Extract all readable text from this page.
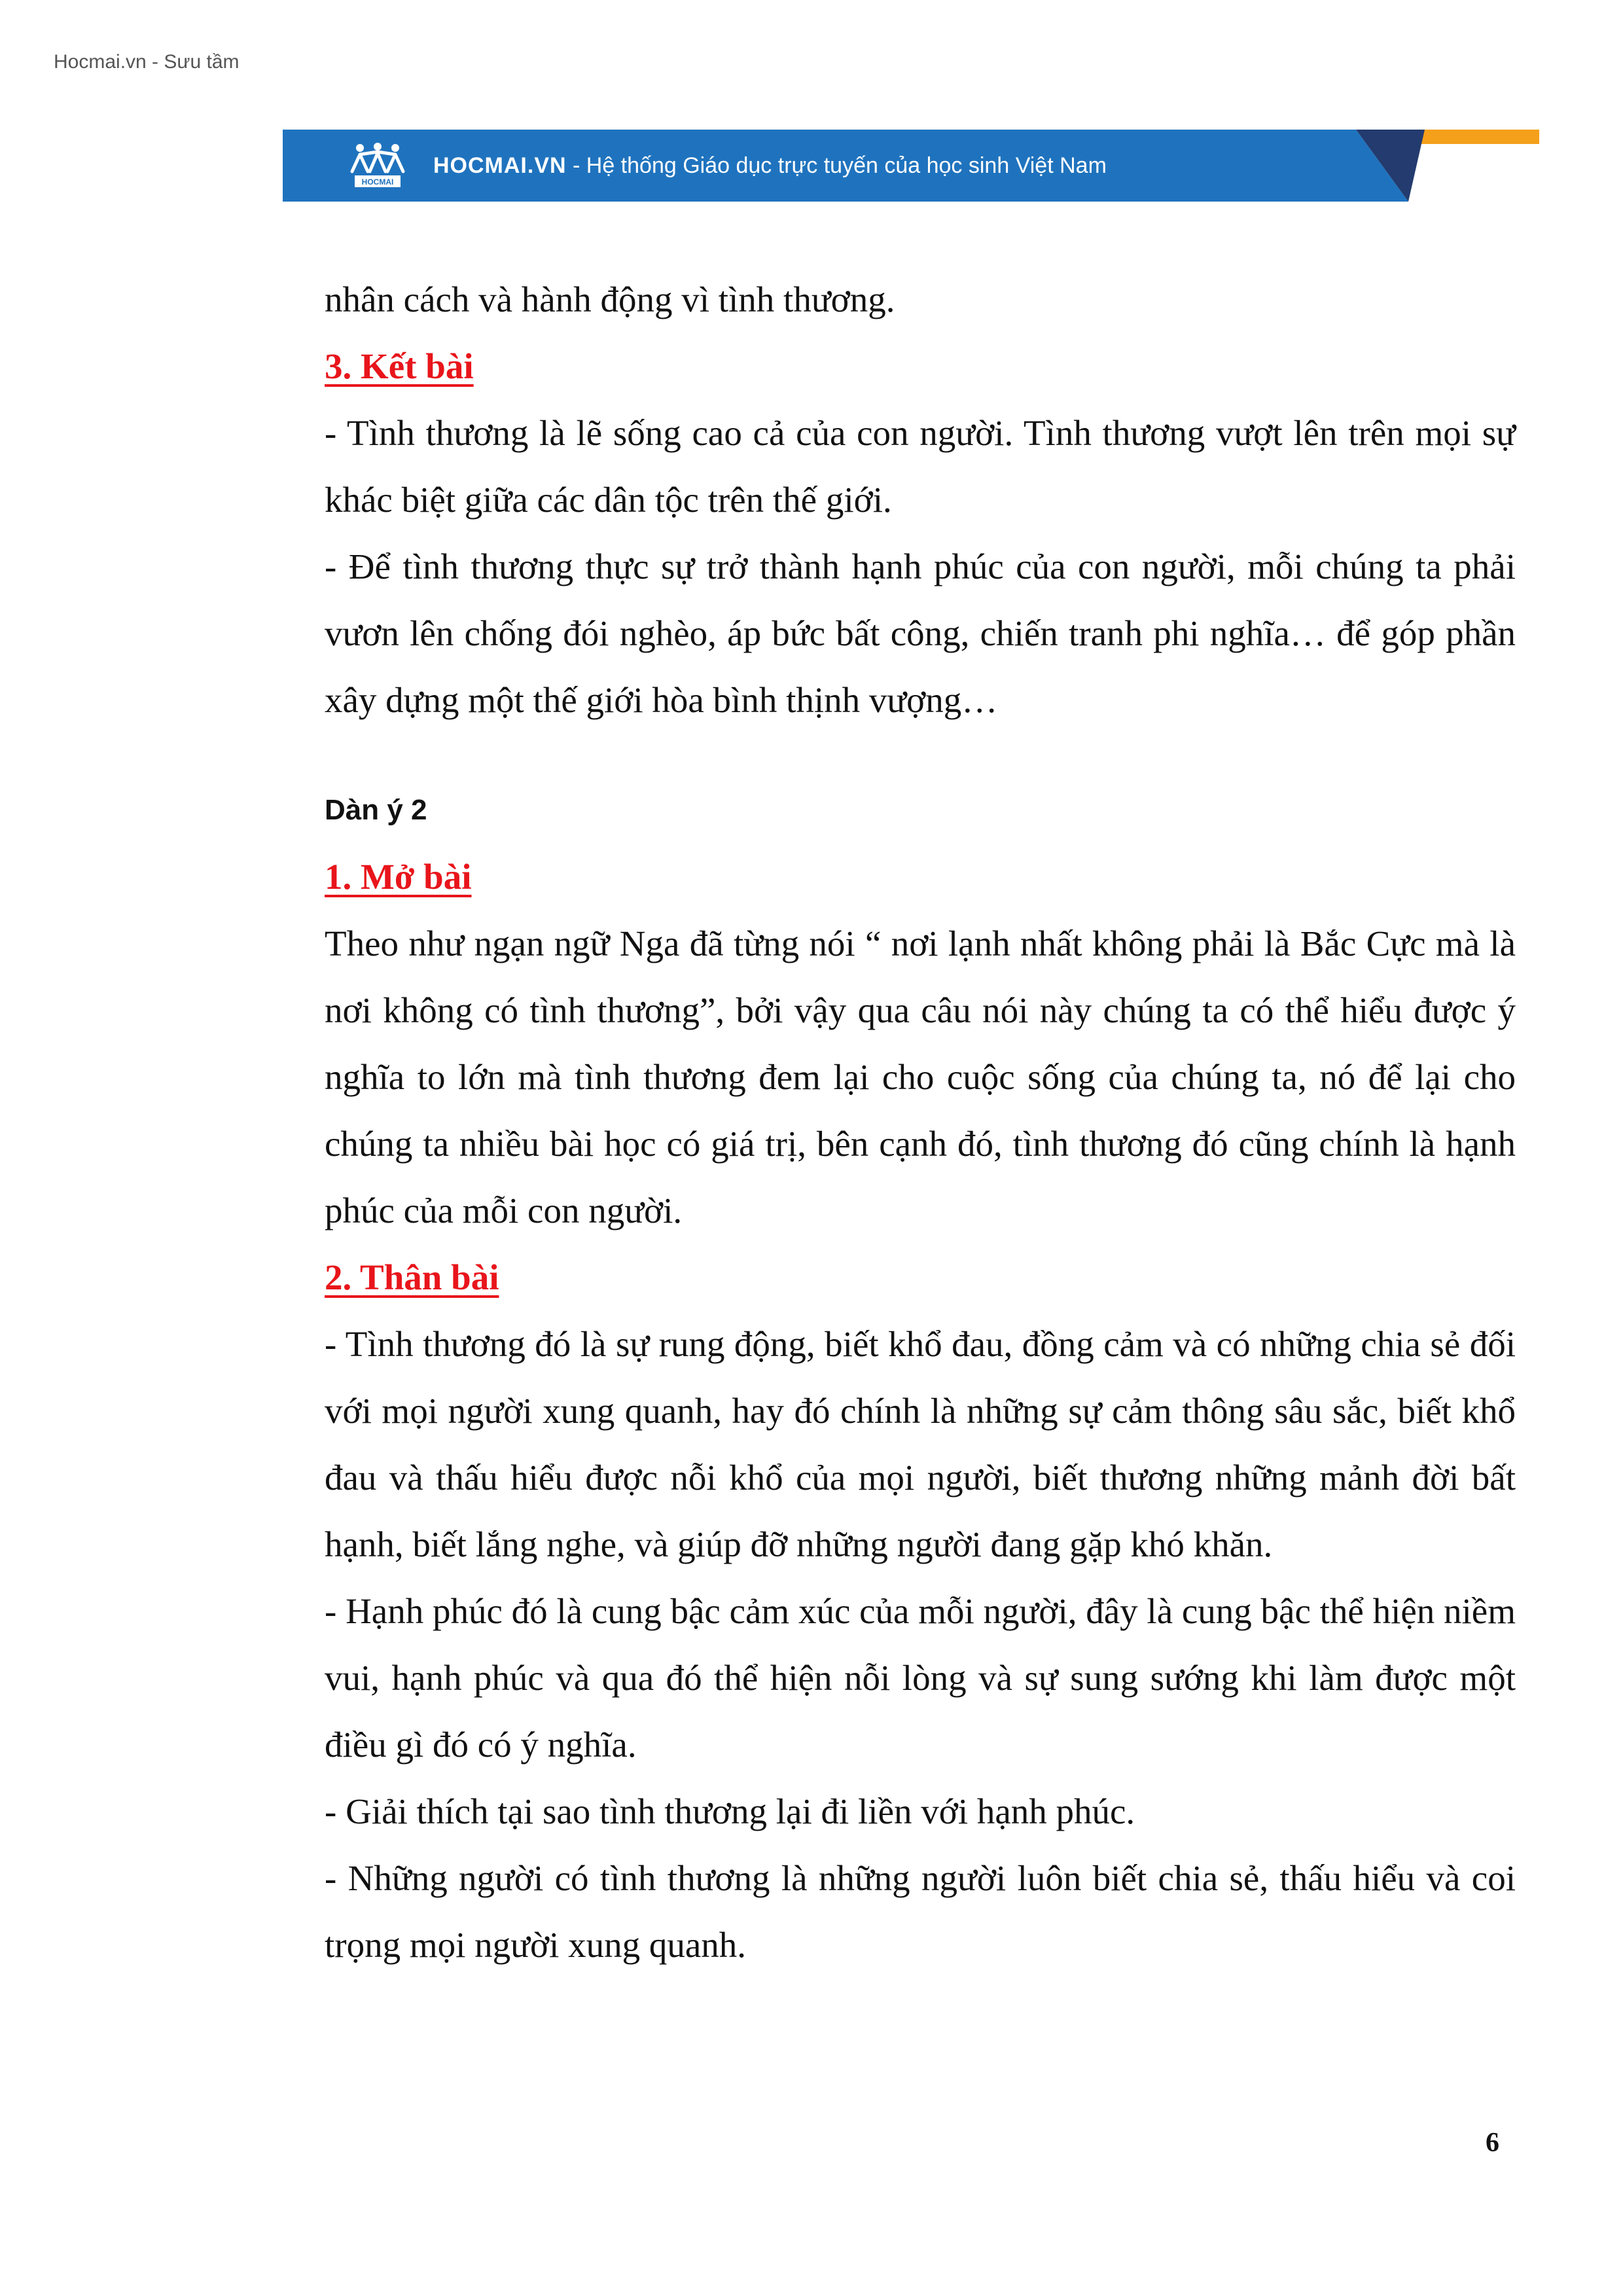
Hocmai.vn - Sưu tầm
HOCMAI
HOCMAI.VN - Hệ thống Giáo dục trực tuyến của học sinh Việt Nam

nhân cách và hành động vì tình thương.

3. Kết bài

- Tình thương là lẽ sống cao cả của con người. Tình thương vượt lên trên mọi sự khác biệt giữa các dân tộc trên thế giới.

- Để tình thương thực sự trở thành hạnh phúc của con người, mỗi chúng ta phải vươn lên chống đói nghèo, áp bức bất công, chiến tranh phi nghĩa… để góp phần xây dựng một thế giới hòa bình thịnh vượng…

Dàn ý 2
1. Mở bài

Theo như ngạn ngữ Nga đã từng nói “ nơi lạnh nhất không phải là Bắc Cực mà là nơi không có tình thương”, bởi vậy qua câu nói này chúng ta có thể hiểu được ý nghĩa to lớn mà tình thương đem lại cho cuộc sống của chúng ta, nó để lại cho chúng ta nhiều bài học có giá trị, bên cạnh đó, tình thương đó cũng chính là hạnh phúc của mỗi con người.

2. Thân bài

- Tình thương đó là sự rung động, biết khổ đau, đồng cảm và có những chia sẻ đối với mọi người xung quanh, hay đó chính là những sự cảm thông sâu sắc, biết khổ đau và thấu hiểu được nỗi khổ của mọi người, biết thương những mảnh đời bất hạnh, biết lắng nghe, và giúp đỡ những người đang gặp khó khăn.

- Hạnh phúc đó là cung bậc cảm xúc của mỗi người, đây là cung bậc thể hiện niềm vui, hạnh phúc và qua đó thể hiện nỗi lòng và sự sung sướng khi làm được một điều gì đó có ý nghĩa.

- Giải thích tại sao tình thương lại đi liền với hạnh phúc.

- Những người có tình thương là những người luôn biết chia sẻ, thấu hiểu và coi trọng mọi người xung quanh.

6
